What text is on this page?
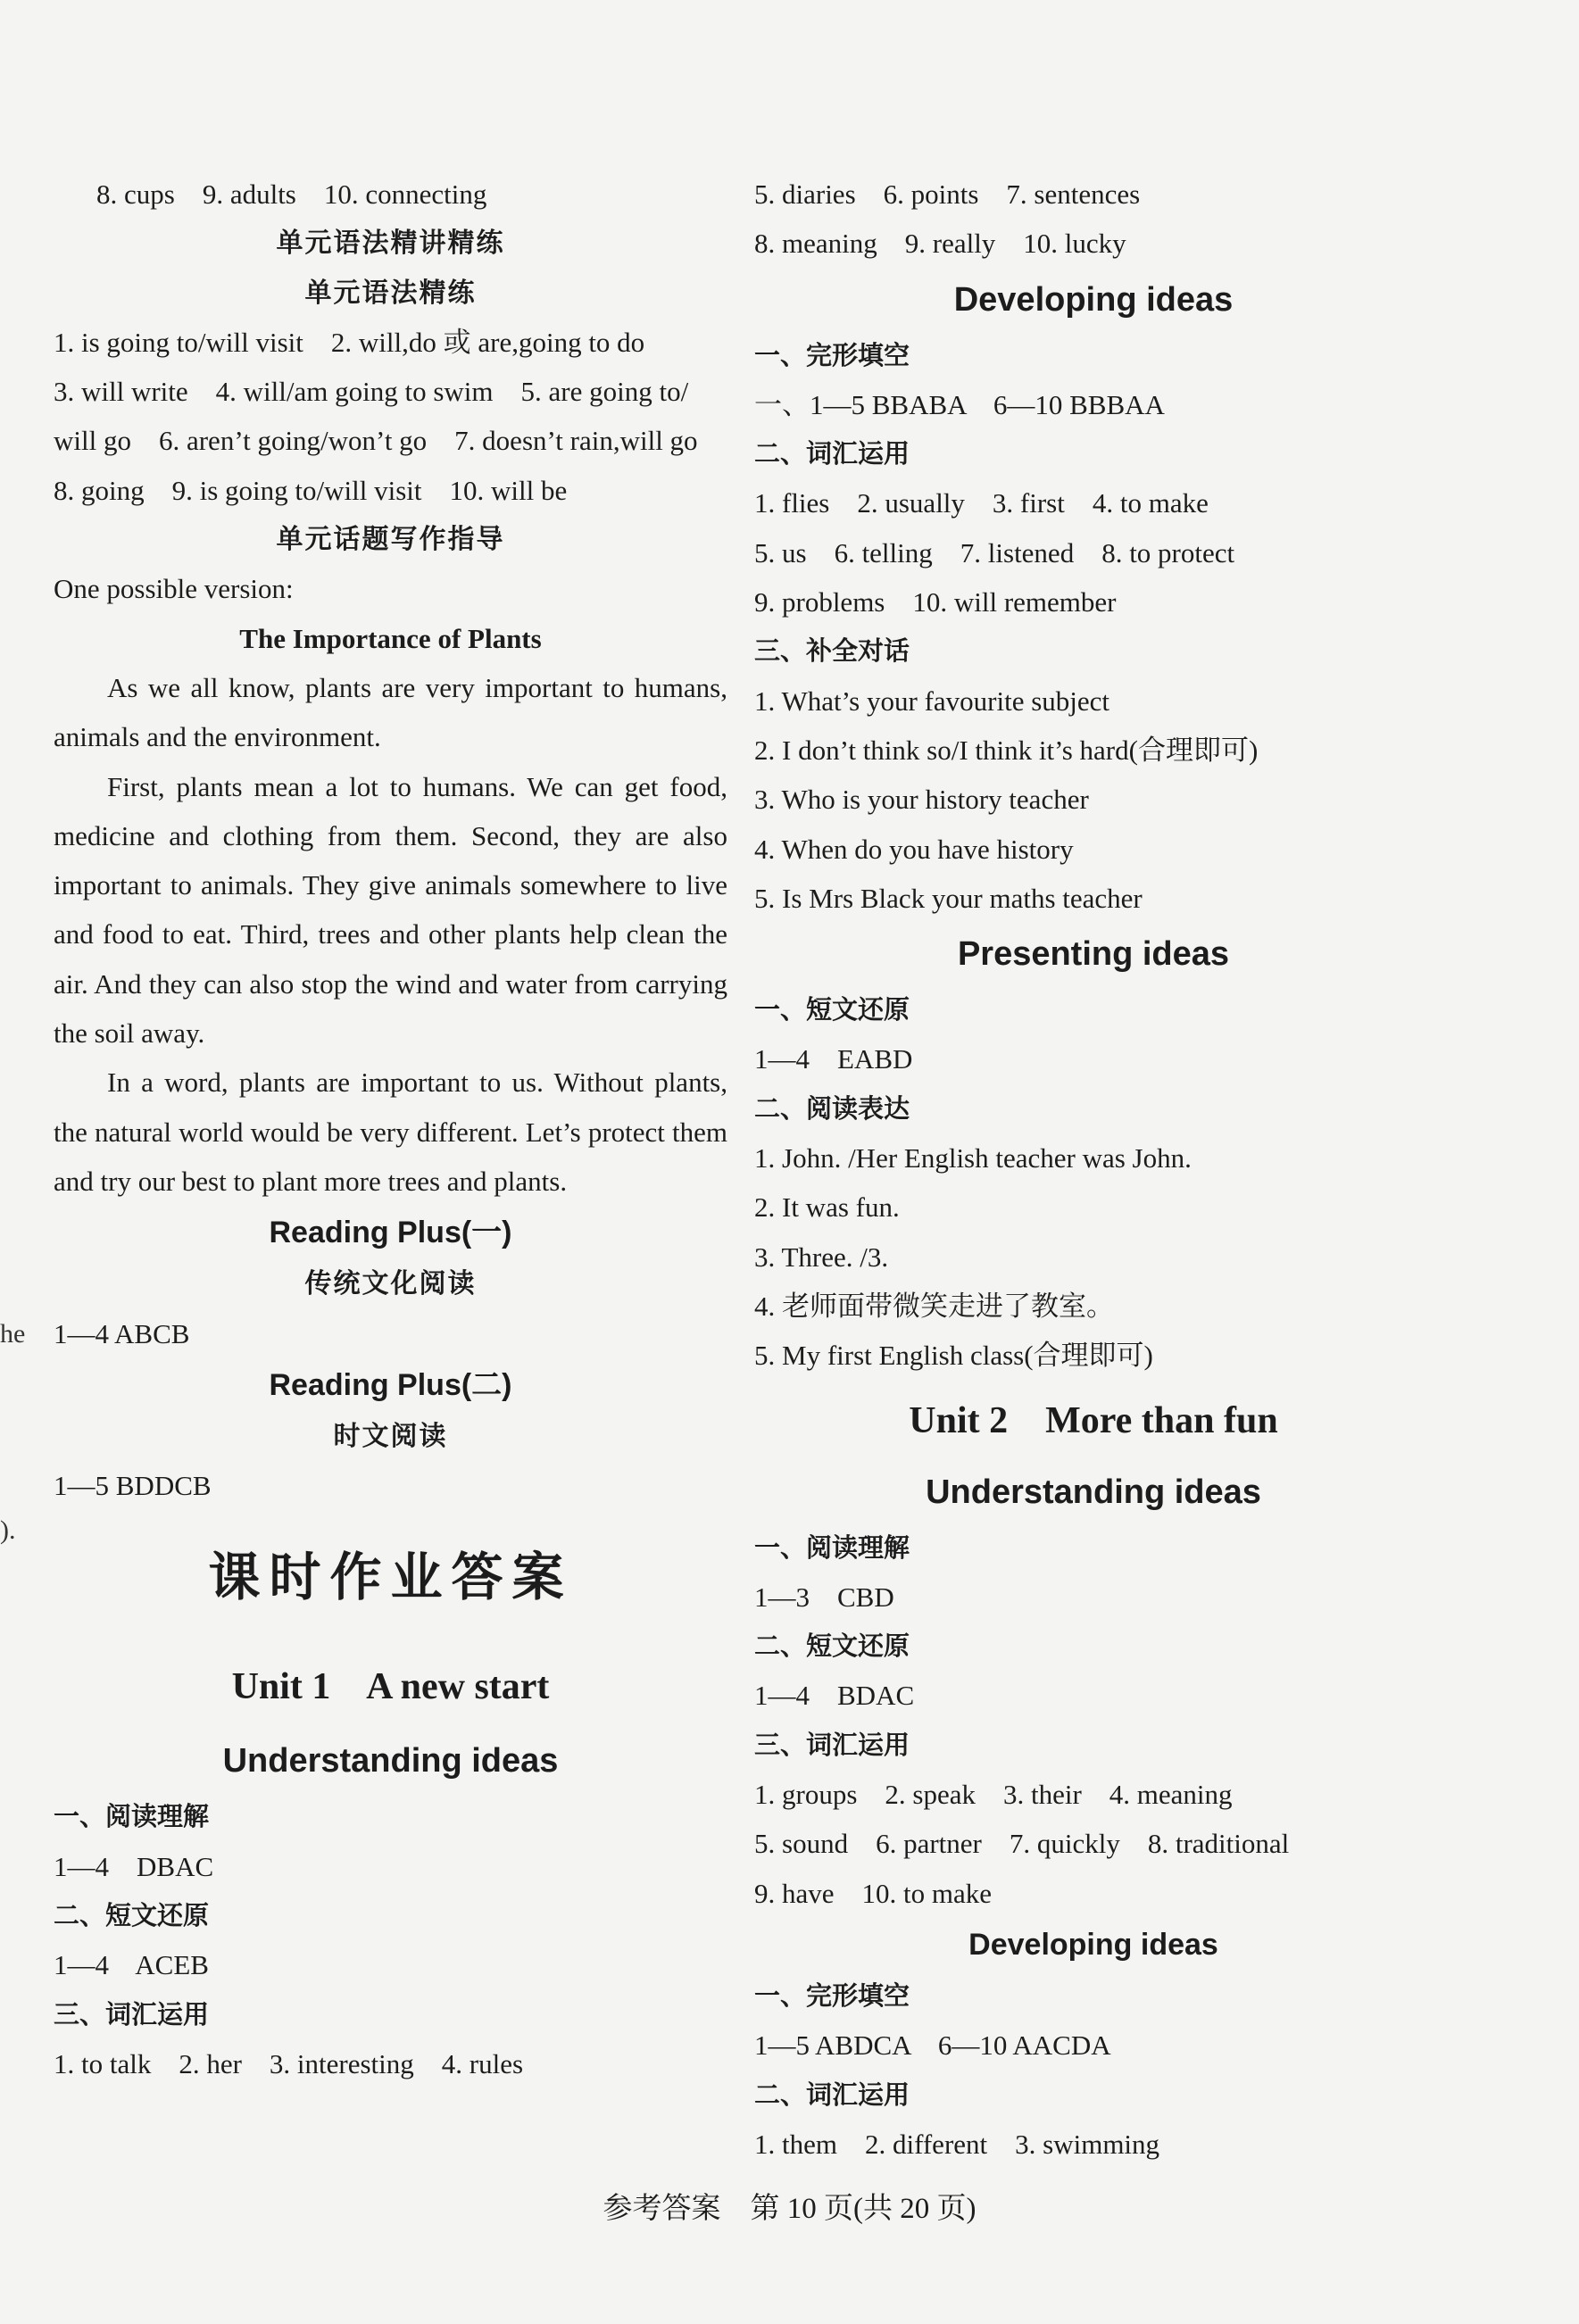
he
).

8. cups    9. adults    10. connecting

单元语法精讲精练
单元语法精练

1. is going to/will visit    2. will,do 或 are,going to do

3. will write    4. will/am going to swim    5. are going to/

will go    6. aren’t going/won’t go    7. doesn’t rain,will go

8. going    9. is going to/will visit    10. will be

单元话题写作指导

One possible version:

The Importance of Plants

As we all know, plants are very important to humans, animals and the environment.

First, plants mean a lot to humans. We can get food, medicine and clothing from them. Second, they are also important to animals. They give animals somewhere to live and food to eat. Third, trees and other plants help clean the air. And they can also stop the wind and water from carrying the soil away.

In a word, plants are important to us. Without plants, the natural world would be very different. Let’s protect them and try our best to plant more trees and plants.

Reading Plus(一)
传统文化阅读

1—4 ABCB

Reading Plus(二)
时文阅读

1—5 BDDCB

课时作业答案
Unit 1    A new start
Understanding ideas
一、阅读理解

1—4    DBAC

二、短文还原

1—4    ACEB

三、词汇运用

1. to talk    2. her    3. interesting    4. rules

5. diaries    6. points    7. sentences

8. meaning    9. really    10. lucky

Developing ideas
一、完形填空

一、1—5 BBABA    6—10 BBBAA

二、词汇运用

1. flies    2. usually    3. first    4. to make

5. us    6. telling    7. listened    8. to protect

9. problems    10. will remember

三、补全对话

1. What’s your favourite subject

2. I don’t think so/I think it’s hard(合理即可)

3. Who is your history teacher

4. When do you have history

5. Is Mrs Black your maths teacher

Presenting ideas
一、短文还原

1—4    EABD

二、阅读表达

1. John. /Her English teacher was John.

2. It was fun.

3. Three. /3.

4. 老师面带微笑走进了教室。

5. My first English class(合理即可)

Unit 2    More than fun
Understanding ideas
一、阅读理解

1—3    CBD

二、短文还原

1—4    BDAC

三、词汇运用

1. groups    2. speak    3. their    4. meaning

5. sound    6. partner    7. quickly    8. traditional

9. have    10. to make

Developing ideas
一、完形填空

1—5 ABDCA    6—10 AACDA

二、词汇运用

1. them    2. different    3. swimming

参考答案    第 10 页(共 20 页)
